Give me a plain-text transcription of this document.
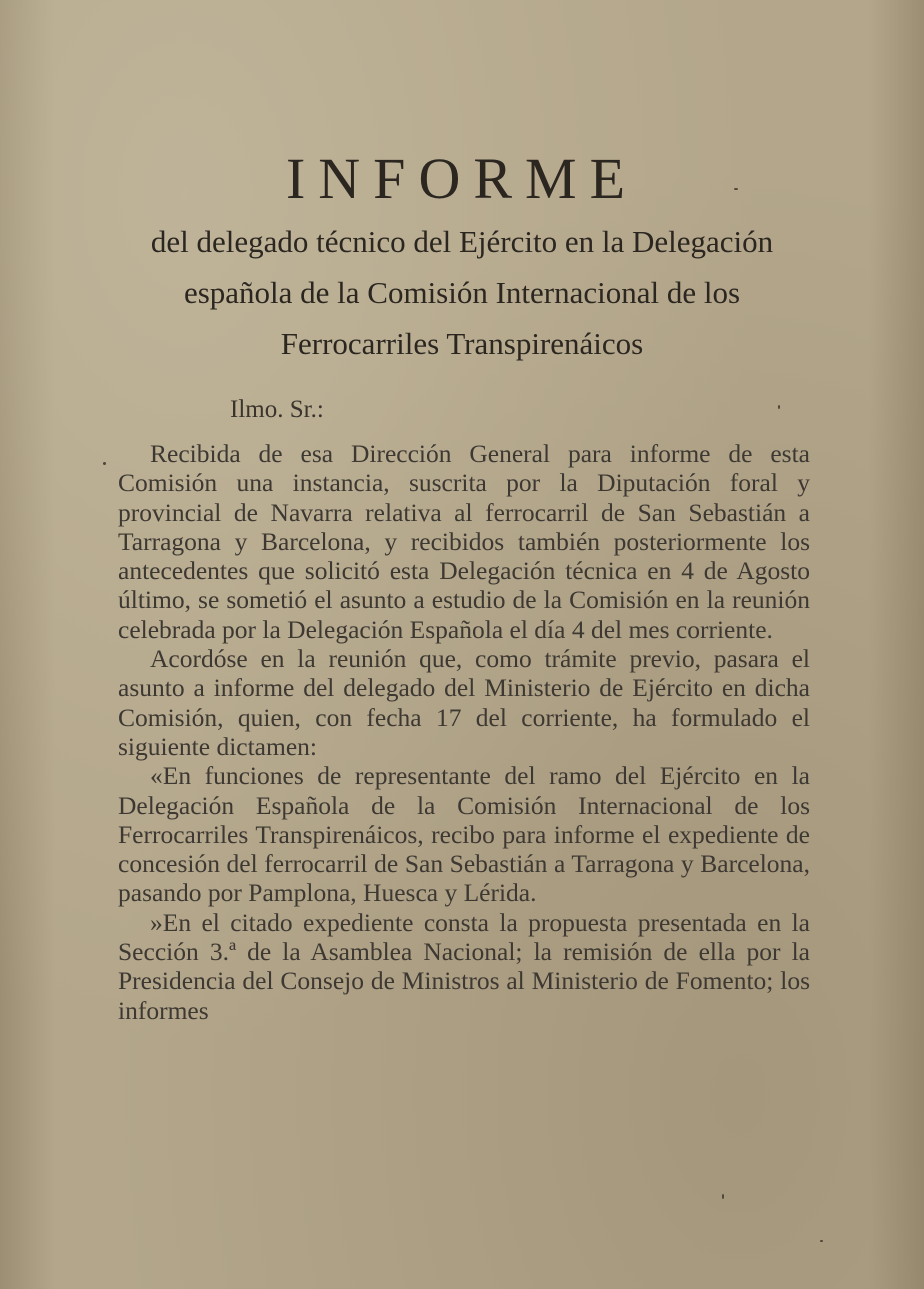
INFORME
del delegado técnico del Ejército en la Delegación española de la Comisión Internacional de los Ferrocarriles Transpirenáicos
Ilmo. Sr.:

Recibida de esa Dirección General para informe de esta Comisión una instancia, suscrita por la Diputación foral y provincial de Navarra relativa al ferrocarril de San Sebastián a Tarragona y Barcelona, y recibidos también posteriormente los antecedentes que solicitó esta Delegación técnica en 4 de Agosto último, se sometió el asunto a estudio de la Comisión en la reunión celebrada por la Delegación Española el día 4 del mes corriente.

Acordóse en la reunión que, como trámite previo, pasara el asunto a informe del delegado del Ministerio de Ejército en dicha Comisión, quien, con fecha 17 del corriente, ha formulado el siguiente dictamen:

«En funciones de representante del ramo del Ejército en la Delegación Española de la Comisión Internacional de los Ferrocarriles Transpirenáicos, recibo para informe el expediente de concesión del ferrocarril de San Sebastián a Tarragona y Barcelona, pasando por Pamplona, Huesca y Lérida.

»En el citado expediente consta la propuesta presentada en la Sección 3.ª de la Asamblea Nacional; la remisión de ella por la Presidencia del Consejo de Ministros al Ministerio de Fomento; los informes
